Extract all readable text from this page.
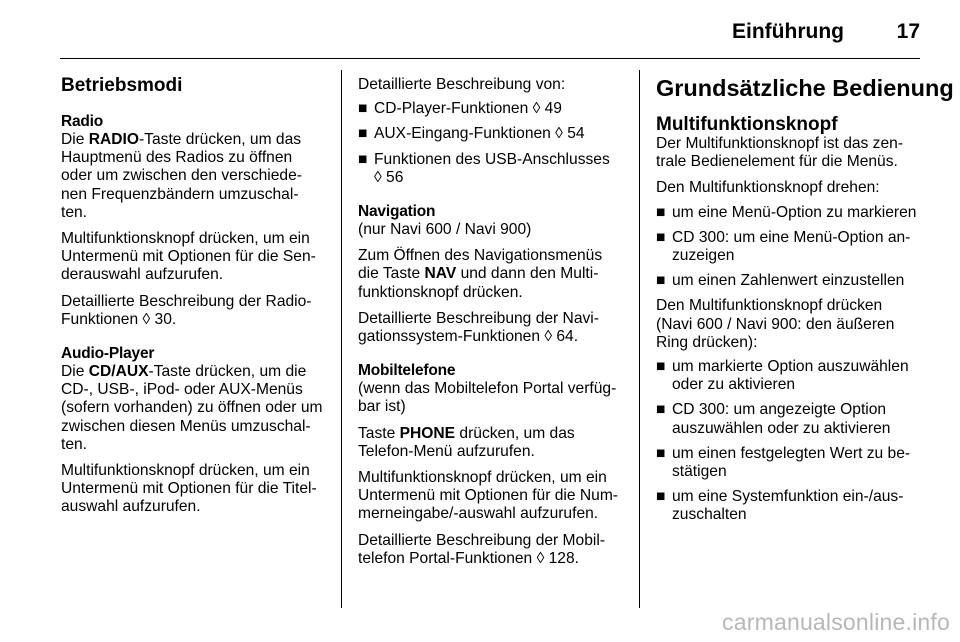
Einführung	17
Betriebsmodi
Radio

Die RADIO-Taste drücken, um das
Hauptmenü des Radios zu öffnen
oder um zwischen den verschiede-
nen Frequenzbändern umzuschal-
ten.

Multifunktionsknopf drücken, um ein
Untermenü mit Optionen für die Sen-
derauswahl aufzurufen.

Detaillierte Beschreibung der Radio-
Funktionen ◊ 30.

Audio-Player

Die CD/AUX-Taste drücken, um die
CD-, USB-, iPod- oder AUX-Menüs
(sofern vorhanden) zu öffnen oder um
zwischen diesen Menüs umzuschal-
ten.

Multifunktionsknopf drücken, um ein
Untermenü mit Optionen für die Titel-
auswahl aufzurufen.

Detaillierte Beschreibung von:

■ CD-Player-Funktionen ◊ 49
■ AUX-Eingang-Funktionen ◊ 54
■ Funktionen des USB-Anschlusses
◊ 56
Navigation

(nur Navi 600 / Navi 900)

Zum Öffnen des Navigationsmenüs
die Taste NAV und dann den Multi-
funktionsknopf drücken.

Detaillierte Beschreibung der Navi-
gationssystem-Funktionen ◊ 64.

Mobiltelefone

(wenn das Mobiltelefon Portal verfüg-
bar ist)

Taste PHONE drücken, um das
Telefon-Menü aufzurufen.

Multifunktionsknopf drücken, um ein
Untermenü mit Optionen für die Num-
merneingabe/-auswahl aufzurufen.

Detaillierte Beschreibung der Mobil-
telefon Portal-Funktionen ◊ 128.

Grundsätzliche Bedienung
Multifunktionsknopf

Der Multifunktionsknopf ist das zen-
trale Bedienelement für die Menüs.

Den Multifunktionsknopf drehen:

■ um eine Menü-Option zu markieren
■ CD 300: um eine Menü-Option an-
zuzeigen
■ um einen Zahlenwert einzustellen

Den Multifunktionsknopf drücken
(Navi 600 / Navi 900: den äußeren
Ring drücken):

■ um markierte Option auszuwählen
oder zu aktivieren
■ CD 300: um angezeigte Option
auszuwählen oder zu aktivieren
■ um einen festgelegten Wert zu be-
stätigen
■ um eine Systemfunktion ein-/aus-
zuschalten
carmanualsonline.info
